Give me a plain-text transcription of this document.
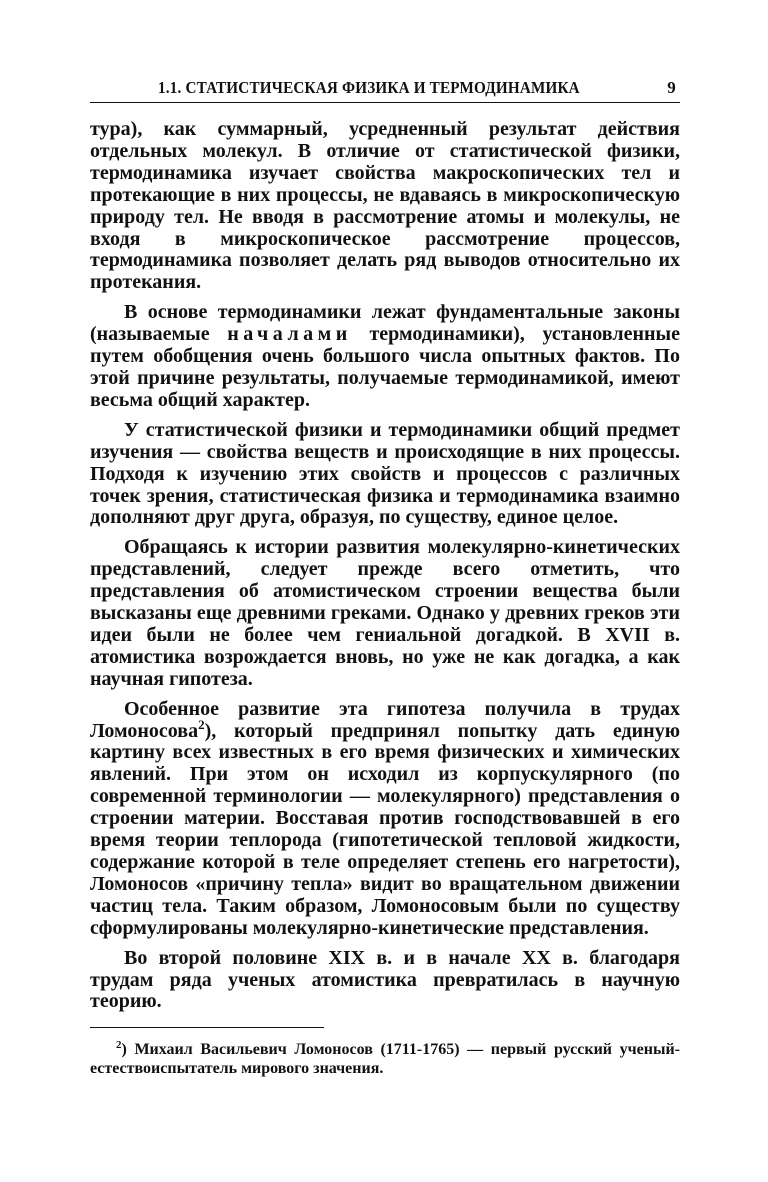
1.1. СТАТИСТИЧЕСКАЯ ФИЗИКА И ТЕРМОДИНАМИКА	9

тура), как суммарный, усредненный результат действия отдельных молекул. В отличие от статистической физики, термодинамика изучает свойства макроскопических тел и протекающие в них процессы, не вдаваясь в микроскопическую природу тел. Не вводя в рассмотрение атомы и молекулы, не входя в микроскопическое рассмотрение процессов, термодинамика позволяет делать ряд выводов относительно их протекания.

В основе термодинамики лежат фундаментальные законы (называемые началами термодинамики), установленные путем обобщения очень большого числа опытных фактов. По этой причине результаты, получаемые термодинамикой, имеют весьма общий характер.

У статистической физики и термодинамики общий предмет изучения — свойства веществ и происходящие в них процессы. Подходя к изучению этих свойств и процессов с различных точек зрения, статистическая физика и термодинамика взаимно дополняют друг друга, образуя, по существу, единое целое.

Обращаясь к истории развития молекулярно-кинетических представлений, следует прежде всего отметить, что представления об атомистическом строении вещества были высказаны еще древними греками. Однако у древних греков эти идеи были не более чем гениальной догадкой. В XVII в. атомистика возрождается вновь, но уже не как догадка, а как научная гипотеза.

Особенное развитие эта гипотеза получила в трудах Ломоносова$^2$), который предпринял попытку дать единую картину всех известных в его время физических и химических явлений. При этом он исходил из корпускулярного (по современной терминологии — молекулярного) представления о строении материи. Восставая против господствовавшей в его время теории теплорода (гипотетической тепловой жидкости, содержание которой в теле определяет степень его нагретости), Ломоносов «причину тепла» видит во вращательном движении частиц тела. Таким образом, Ломоносовым были по существу сформулированы молекулярно-кинетические представления.

Во второй половине XIX в. и в начале XX в. благодаря трудам ряда ученых атомистика превратилась в научную теорию.

$^2$) Михаил Васильевич Ломоносов (1711-1765) — первый русский ученый-естествоиспытатель мирового значения.
